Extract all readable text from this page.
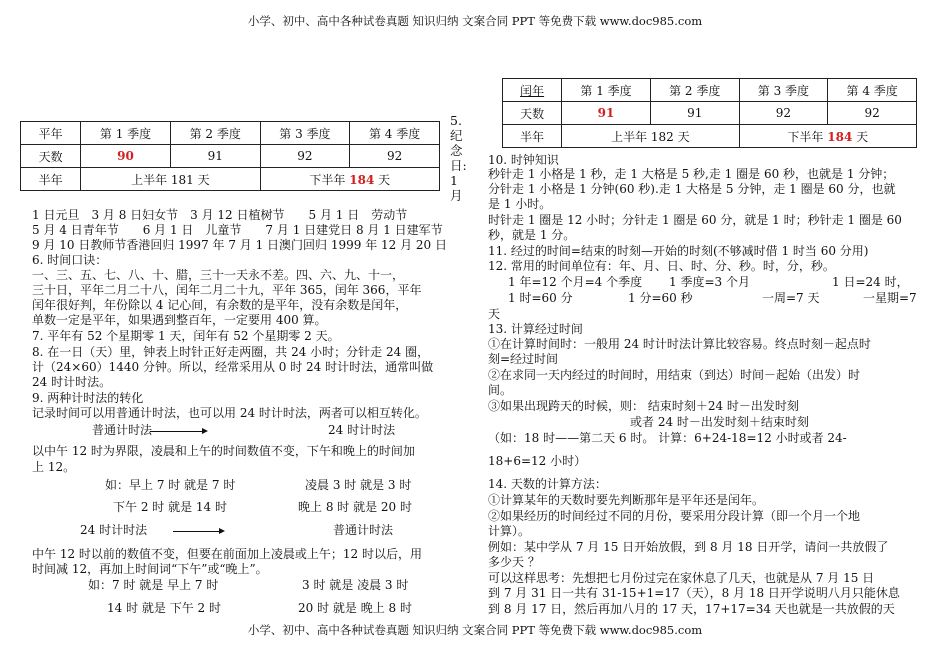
小学、初中、高中各种试卷真题 知识归纳 文案合同 PPT 等免费下载 www.doc985.com
平年	第 1 季度	第 2 季度	第 3 季度	第 4 季度
天数	90	91	92	92
半年	上半年 181 天		下半年 184 天	
5.
纪
念
日:
1
月
闰年	第 1 季度	第 2 季度	第 3 季度	第 4 季度
天数	91	91	92	92
半年	上半年 182 天		下半年 184 天	
1 日元旦　3 月 8 日妇女节　3 月 12 日植树节　　5 月 1 日　劳动节
5 月 4 日青年节　　6 月 1 日　儿童节　　7 月 1 日建党日 8 月 1 日建军节
9 月 10 日教师节香港回归 1997 年 7 月 1 日澳门回归 1999 年 12 月 20 日
6. 时间口诀：
一、三、五、七、八、十、腊，三十一天永不差。四、六、九、十一，
三十日，平年二月二十八，闰年二月二十九，平年 365，闰年 366，平年
闰年很好判，年份除以 4 记心间，有余数的是平年，没有余数是闰年，
单数一定是平年，如果遇到整百年，一定要用 400 算。
7. 平年有 52 个星期零 1 天，闰年有 52 个星期零 2 天。
8. 在一日（天）里，钟表上时针正好走两圈，共 24 小时；分针走 24 圈，
计（24×60）1440 分钟。所以，经常采用从 0 时 24 时计时法，通常叫做
24 时计时法。
9. 两种计时法的转化
记录时间可以用普通计时法，也可以用 24 时计时法，两者可以相互转化。
普通计时法	24 时计时法
以中午 12 时为界限，凌晨和上午的时间数值不变，下午和晚上的时间加
上 12。
如：早上 7 时 就是 7 时	凌晨 3 时 就是 3 时
下午 2 时 就是 14 时	晚上 8 时 就是 20 时
24 时计时法	普通计时法
中午 12 时以前的数值不变，但要在前面加上凌晨或上午；12 时以后，用
时间减 12，再加上时间词“下午”或“晚上”。
如：7 时 就是 早上 7 时	3 时 就是 凌晨 3 时
14 时 就是 下午 2 时	20 时 就是 晚上 8 时
10. 时钟知识
秒针走 1 小格是 1 秒，走 1 大格是 5 秒,走 1 圈是 60 秒，也就是 1 分钟；
分针走 1 小格是 1 分钟(60 秒).走 1 大格是 5 分钟，走 1 圈是 60 分，也就
是 1 小时。
时针走 1 圈是 12 小时；分针走 1 圈是 60 分，就是 1 时；秒针走 1 圈是 60
秒，就是 1 分。
11. 经过的时间=结束的时刻—开始的时刻(不够减时借 1 时当 60 分用)
12. 常用的时间单位有：年、月、日、时、分、秒。时，分，秒。
1 年=12 个月=4 个季度 1 季度=3 个月	1 日=24 时，
1 时=60 分	1 分=60 秒	一周=7 天	一星期=7
天
13. 计算经过时间
①在计算时间时：一般用 24 时计时法计算比较容易。终点时刻－起点时
刻=经过时间
②在求同一天内经过的时间时，用结束（到达）时间－起始（出发）时
间。
③如果出现跨天的时候，则： 结束时刻＋24 时－出发时刻
或者 24 时－出发时刻＋结束时刻
（如：18 时——第二天 6 时。 计算：6+24-18=12 小时或者 24-
18+6=12 小时）
14. 天数的计算方法：
①计算某年的天数时要先判断那年是平年还是闰年。
②如果经历的时间经过不同的月份，要采用分段计算（即一个月一个地
计算）。
例如：某中学从 7 月 15 日开始放假，到 8 月 18 日开学，请问一共放假了
多少天 ？
可以这样思考：先想把七月份过完在家休息了几天，也就是从 7 月 15 日
到 7 月 31 日一共有 31-15+1=17（天），8 月 18 日开学说明八月只能休息
到 8 月 17 日，然后再加八月的 17 天，17+17=34 天也就是一共放假的天
小学、初中、高中各种试卷真题 知识归纳 文案合同 PPT 等免费下载 www.doc985.com
